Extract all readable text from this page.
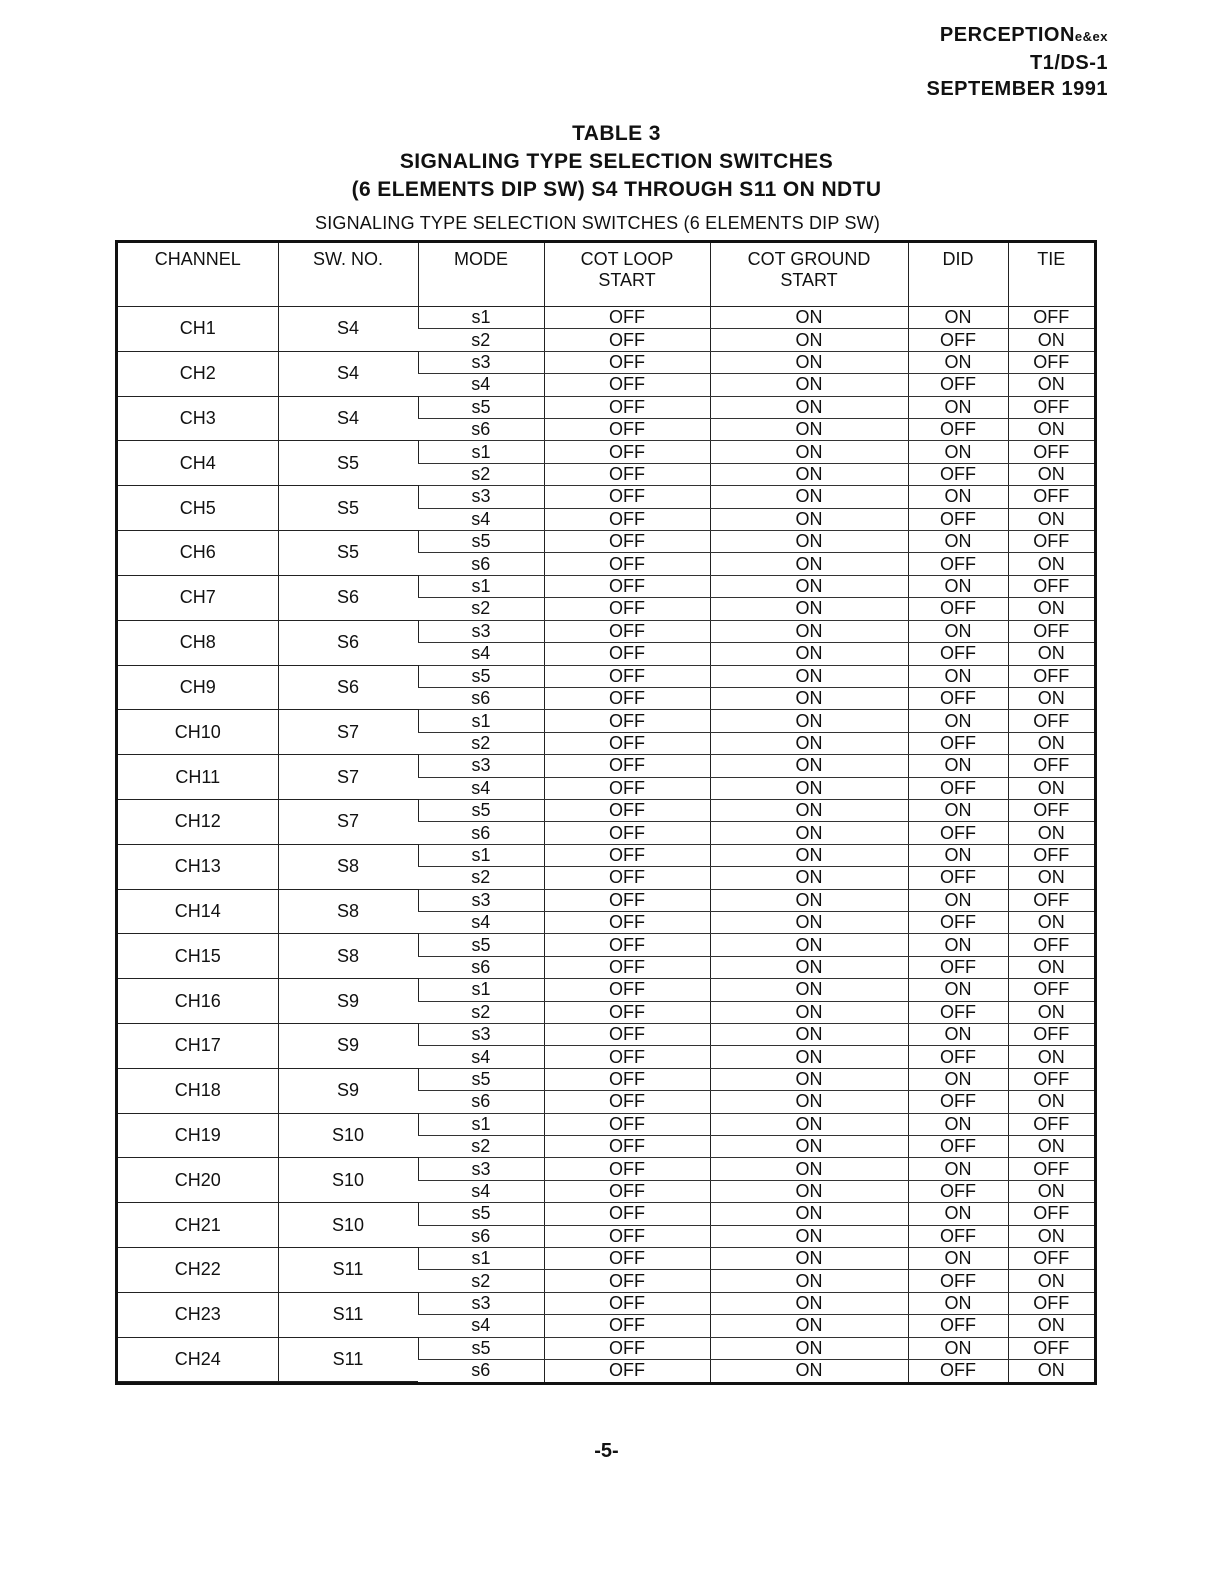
PERCEPTIONe&ex
T1/DS-1
SEPTEMBER 1991
TABLE 3
SIGNALING TYPE SELECTION SWITCHES
(6 ELEMENTS DIP SW) S4 THROUGH S11 ON NDTU
SIGNALING TYPE SELECTION SWITCHES (6 ELEMENTS DIP SW)
CHANNEL	SW. NO.	MODE	COT LOOP
START	COT GROUND
START	DID	TIE
CH1	S4	s1	OFF	ON	ON	OFF
		s2	OFF	ON	OFF	ON
CH2	S4	s3	OFF	ON	ON	OFF
		s4	OFF	ON	OFF	ON
CH3	S4	s5	OFF	ON	ON	OFF
		s6	OFF	ON	OFF	ON
CH4	S5	s1	OFF	ON	ON	OFF
		s2	OFF	ON	OFF	ON
CH5	S5	s3	OFF	ON	ON	OFF
		s4	OFF	ON	OFF	ON
CH6	S5	s5	OFF	ON	ON	OFF
		s6	OFF	ON	OFF	ON
CH7	S6	s1	OFF	ON	ON	OFF
		s2	OFF	ON	OFF	ON
CH8	S6	s3	OFF	ON	ON	OFF
		s4	OFF	ON	OFF	ON
CH9	S6	s5	OFF	ON	ON	OFF
		s6	OFF	ON	OFF	ON
CH10	S7	s1	OFF	ON	ON	OFF
		s2	OFF	ON	OFF	ON
CH11	S7	s3	OFF	ON	ON	OFF
		s4	OFF	ON	OFF	ON
CH12	S7	s5	OFF	ON	ON	OFF
		s6	OFF	ON	OFF	ON
CH13	S8	s1	OFF	ON	ON	OFF
		s2	OFF	ON	OFF	ON
CH14	S8	s3	OFF	ON	ON	OFF
		s4	OFF	ON	OFF	ON
CH15	S8	s5	OFF	ON	ON	OFF
		s6	OFF	ON	OFF	ON
CH16	S9	s1	OFF	ON	ON	OFF
		s2	OFF	ON	OFF	ON
CH17	S9	s3	OFF	ON	ON	OFF
		s4	OFF	ON	OFF	ON
CH18	S9	s5	OFF	ON	ON	OFF
		s6	OFF	ON	OFF	ON
CH19	S10	s1	OFF	ON	ON	OFF
		s2	OFF	ON	OFF	ON
CH20	S10	s3	OFF	ON	ON	OFF
		s4	OFF	ON	OFF	ON
CH21	S10	s5	OFF	ON	ON	OFF
		s6	OFF	ON	OFF	ON
CH22	S11	s1	OFF	ON	ON	OFF
		s2	OFF	ON	OFF	ON
CH23	S11	s3	OFF	ON	ON	OFF
		s4	OFF	ON	OFF	ON
CH24	S11	s5	OFF	ON	ON	OFF
		s6	OFF	ON	OFF	ON
-5-
